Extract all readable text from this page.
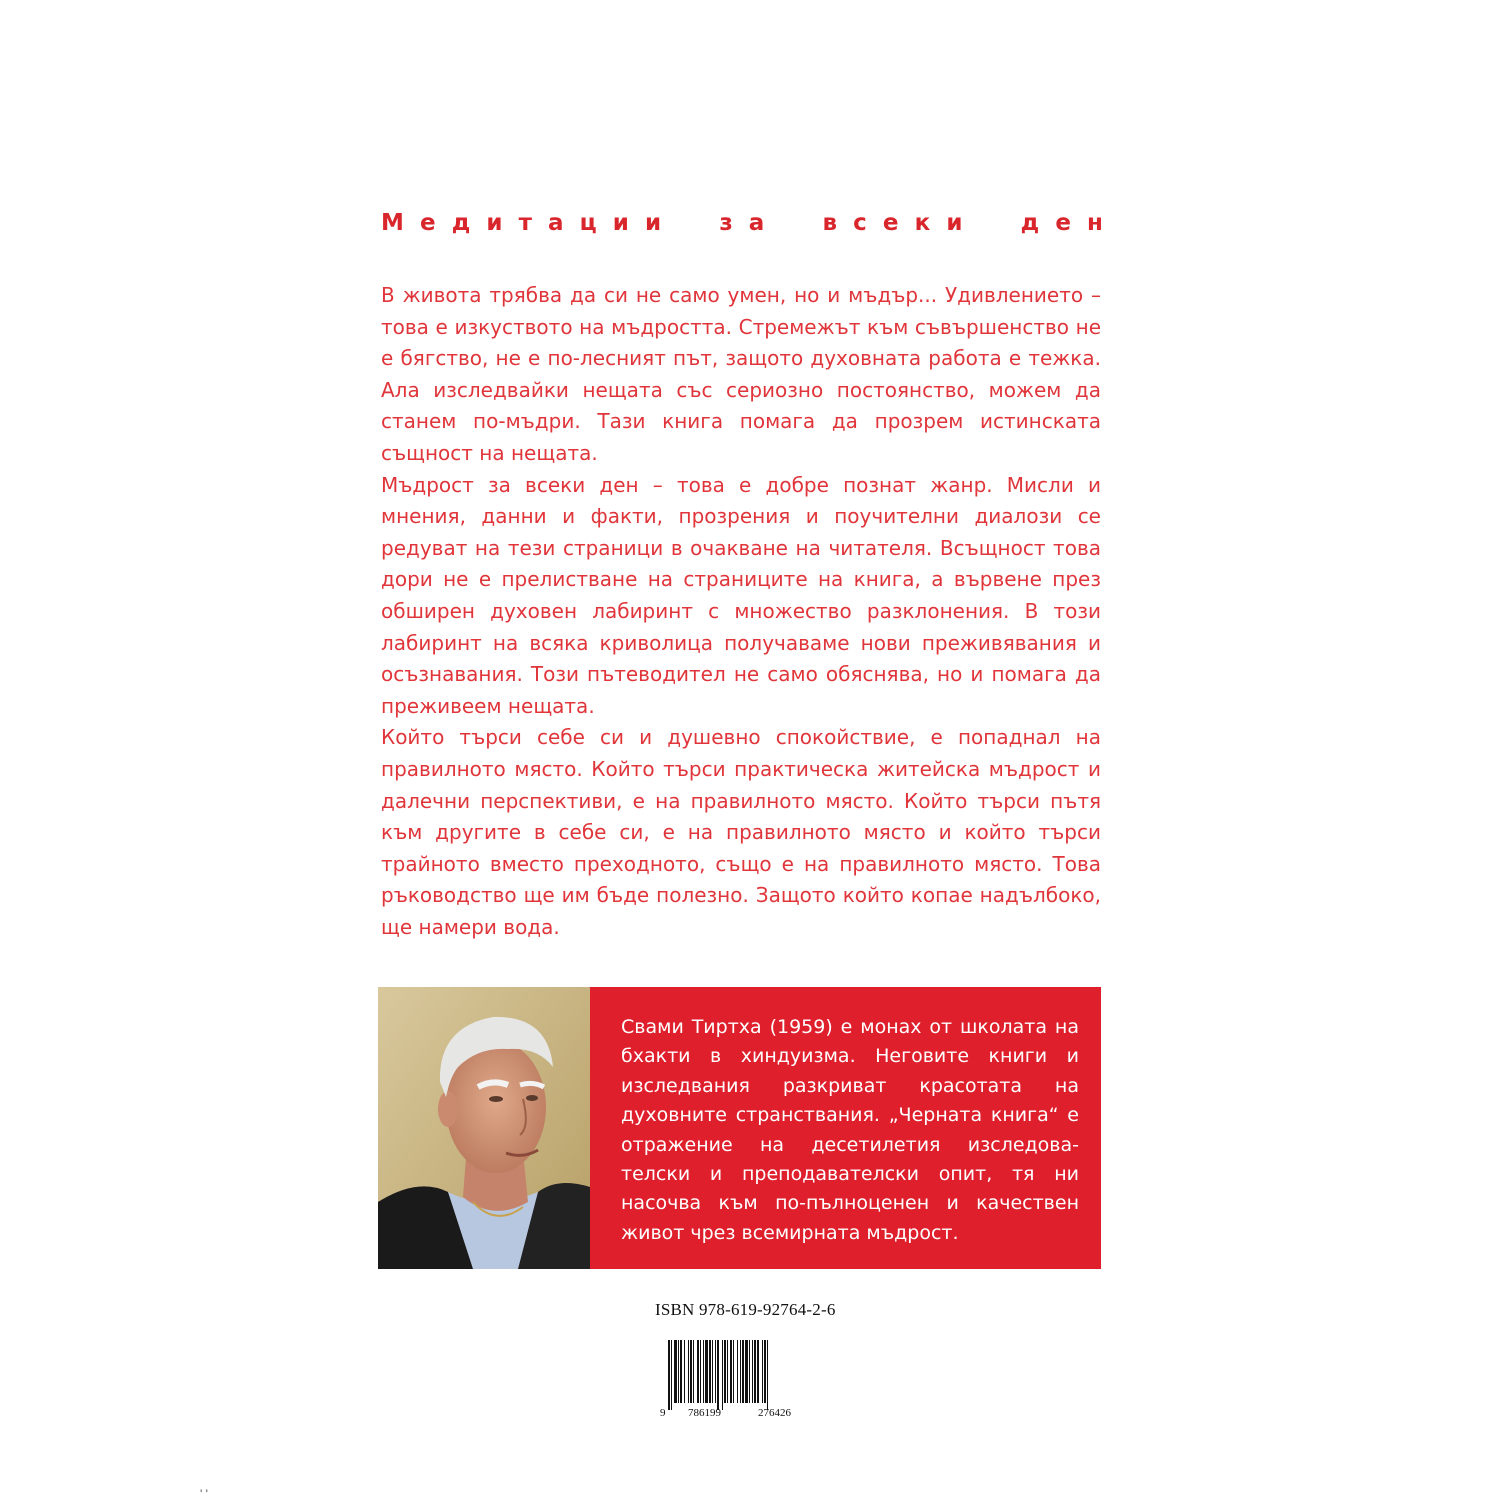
М е д и т а ц и и	з а	в с е к и	д е н

В живота трябва да си не само умен, но и мъдър... Удивлението – това е изкуството на мъдростта. Стремежът към съвършенство не е бягство, не е по-лесният път, защото духовната работа е тежка. Ала изследвайки нещата със сериозно постоянство, можем да станем по-мъдри. Тази книга помага да прозрем истинската същност на нещата.

Мъдрост за всеки ден – това е добре познат жанр. Мисли и мнения, данни и факти, прозрения и поучителни диалози се редуват на тези страници в очакване на читателя. Всъщност това дори не е прелистване на страниците на книга, а вървене през обширен духовен лабиринт с множество разклонения. В този лабиринт на всяка криволица получаваме нови преживявания и осъзнавания. Този пътеводител не само обяснява, но и помага да преживеем нещата.

Който търси себе си и душевно спокойствие, е попаднал на правилното място. Който търси практическа житейска мъдрост и далечни перспективи, е на правилното място. Който търси пътя към другите в себе си, е на правилното място и който търси трайното вместо преходното, също е на правилното място. Това ръководство ще им бъде полезно. Защото който копае надълбоко, ще намери вода.

Свами Тиртха (1959) е монах от школата на бхакти в хиндуизма. Неговите книги и изследвания разкриват красотата на духовните странствания. „Черната книга“ е отражение на десетилетия изследова-телски и преподавателски опит, тя ни насочва към по-пълноценен и качествен живот чрез всемирната мъдрост.
ISBN 978-619-92764-2-6
9 786199	276426
' '
